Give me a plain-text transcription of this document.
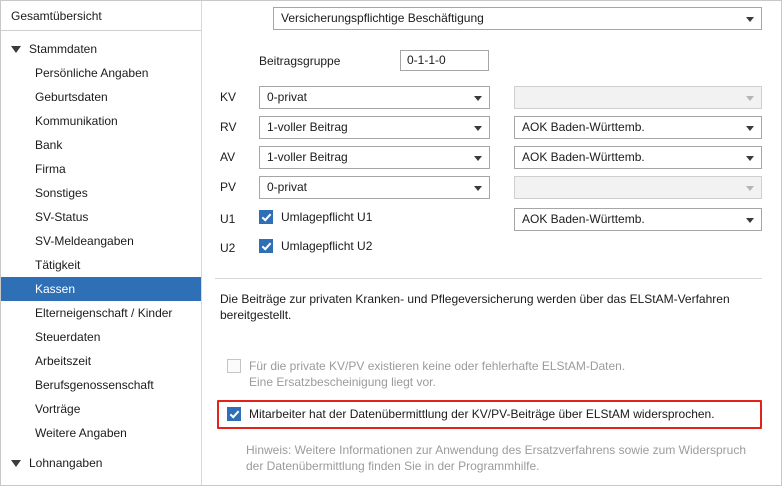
Gesamtübersicht
Stammdaten
Persönliche Angaben
Geburtsdaten
Kommunikation
Bank
Firma
Sonstiges
SV-Status
SV-Meldeangaben
Tätigkeit
Kassen
Elterneigenschaft / Kinder
Steuerdaten
Arbeitszeit
Berufsgenossenschaft
Vorträge
Weitere Angaben
Lohnangaben
Versicherungspflichtige Beschäftigung
Beitragsgruppe	0-1-1-0
KV	0-privat
RV	1-voller Beitrag	AOK Baden-Württemb.
AV	1-voller Beitrag	AOK Baden-Württemb.
PV	0-privat
U1	Umlagepflicht U1	AOK Baden-Württemb.
U2	Umlagepflicht U2
Die Beiträge zur privaten Kranken- und Pflegeversicherung werden über das ELStAM-Verfahren bereitgestellt.
Für die private KV/PV existieren keine oder fehlerhafte ELStAM-Daten.
Eine Ersatzbescheinigung liegt vor.
Mitarbeiter hat der Datenübermittlung der KV/PV-Beiträge über ELStAM widersprochen.
Hinweis: Weitere Informationen zur Anwendung des Ersatzverfahrens sowie zum Widerspruch der Datenübermittlung finden Sie in der Programmhilfe.
